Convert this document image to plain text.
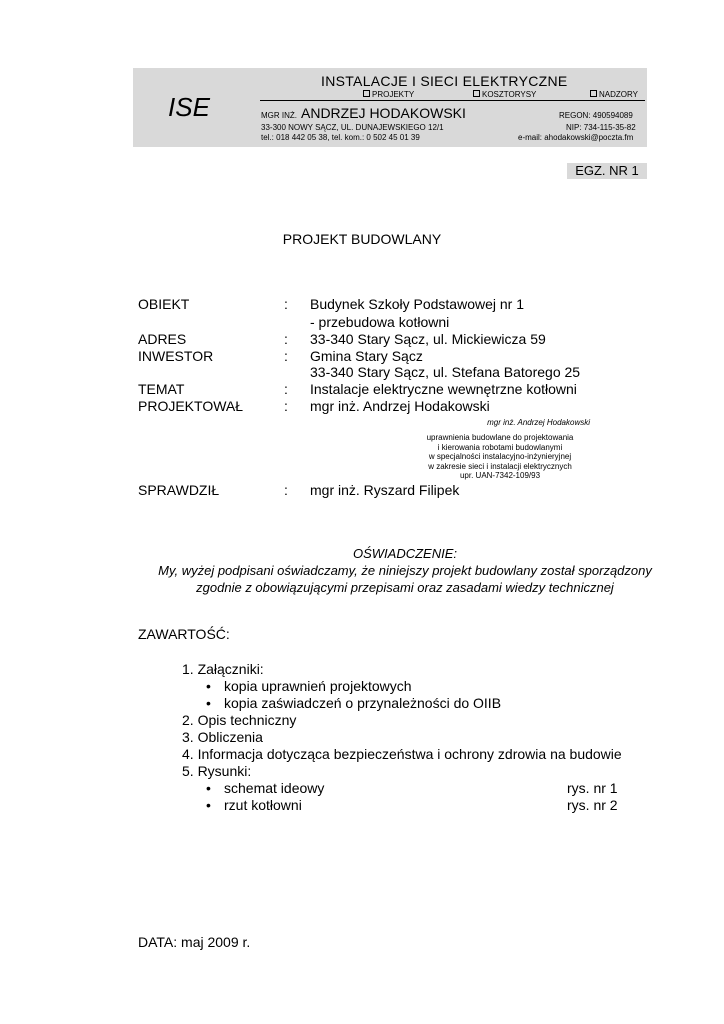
ISE
INSTALACJE I SIECI ELEKTRYCZNE
PROJEKTY	KOSZTORYSY	NADZORY
MGR INŻ. ANDRZEJ HODAKOWSKI	REGON: 490594089
33-300 NOWY SĄCZ, UL. DUNAJEWSKIEGO 12/1	NIP: 734-115-35-82
tel.: 018 442 05 38, tel. kom.: 0 502 45 01 39	e-mail: ahodakowski@poczta.fm
EGZ. NR 1
PROJEKT BUDOWLANY
OBIEKT	: Budynek Szkoły Podstawowej nr 1
- przebudowa kotłowni
ADRES	: 33-340 Stary Sącz, ul. Mickiewicza 59
INWESTOR	: Gmina Stary Sącz
33-340 Stary Sącz, ul. Stefana Batorego 25
TEMAT	: Instalacje elektryczne wewnętrzne kotłowni
PROJEKTOWAŁ	: mgr inż. Andrzej Hodakowski
mgr inż. Andrzej Hodakowski
uprawnienia budowlane do projektowania
i kierowania robotami budowlanymi
w specjalności instalacyjno-inżynieryjnej
w zakresie sieci i instalacji elektrycznych
upr. UAN-7342-109/93
SPRAWDZIŁ	: mgr inż. Ryszard Filipek
OŚWIADCZENIE:
My, wyżej podpisani oświadczamy, że niniejszy projekt budowlany został sporządzony
zgodnie z obowiązującymi przepisami oraz zasadami wiedzy technicznej
ZAWARTOŚĆ:
1. Załączniki:
• kopia uprawnień projektowych
• kopia zaświadczeń o przynależności do OIIB
2. Opis techniczny
3. Obliczenia
4. Informacja dotycząca bezpieczeństwa i ochrony zdrowia na budowie
5. Rysunki:
• schemat ideowy	rys. nr 1
• rzut kotłowni	rys. nr 2
DATA: maj 2009 r.
